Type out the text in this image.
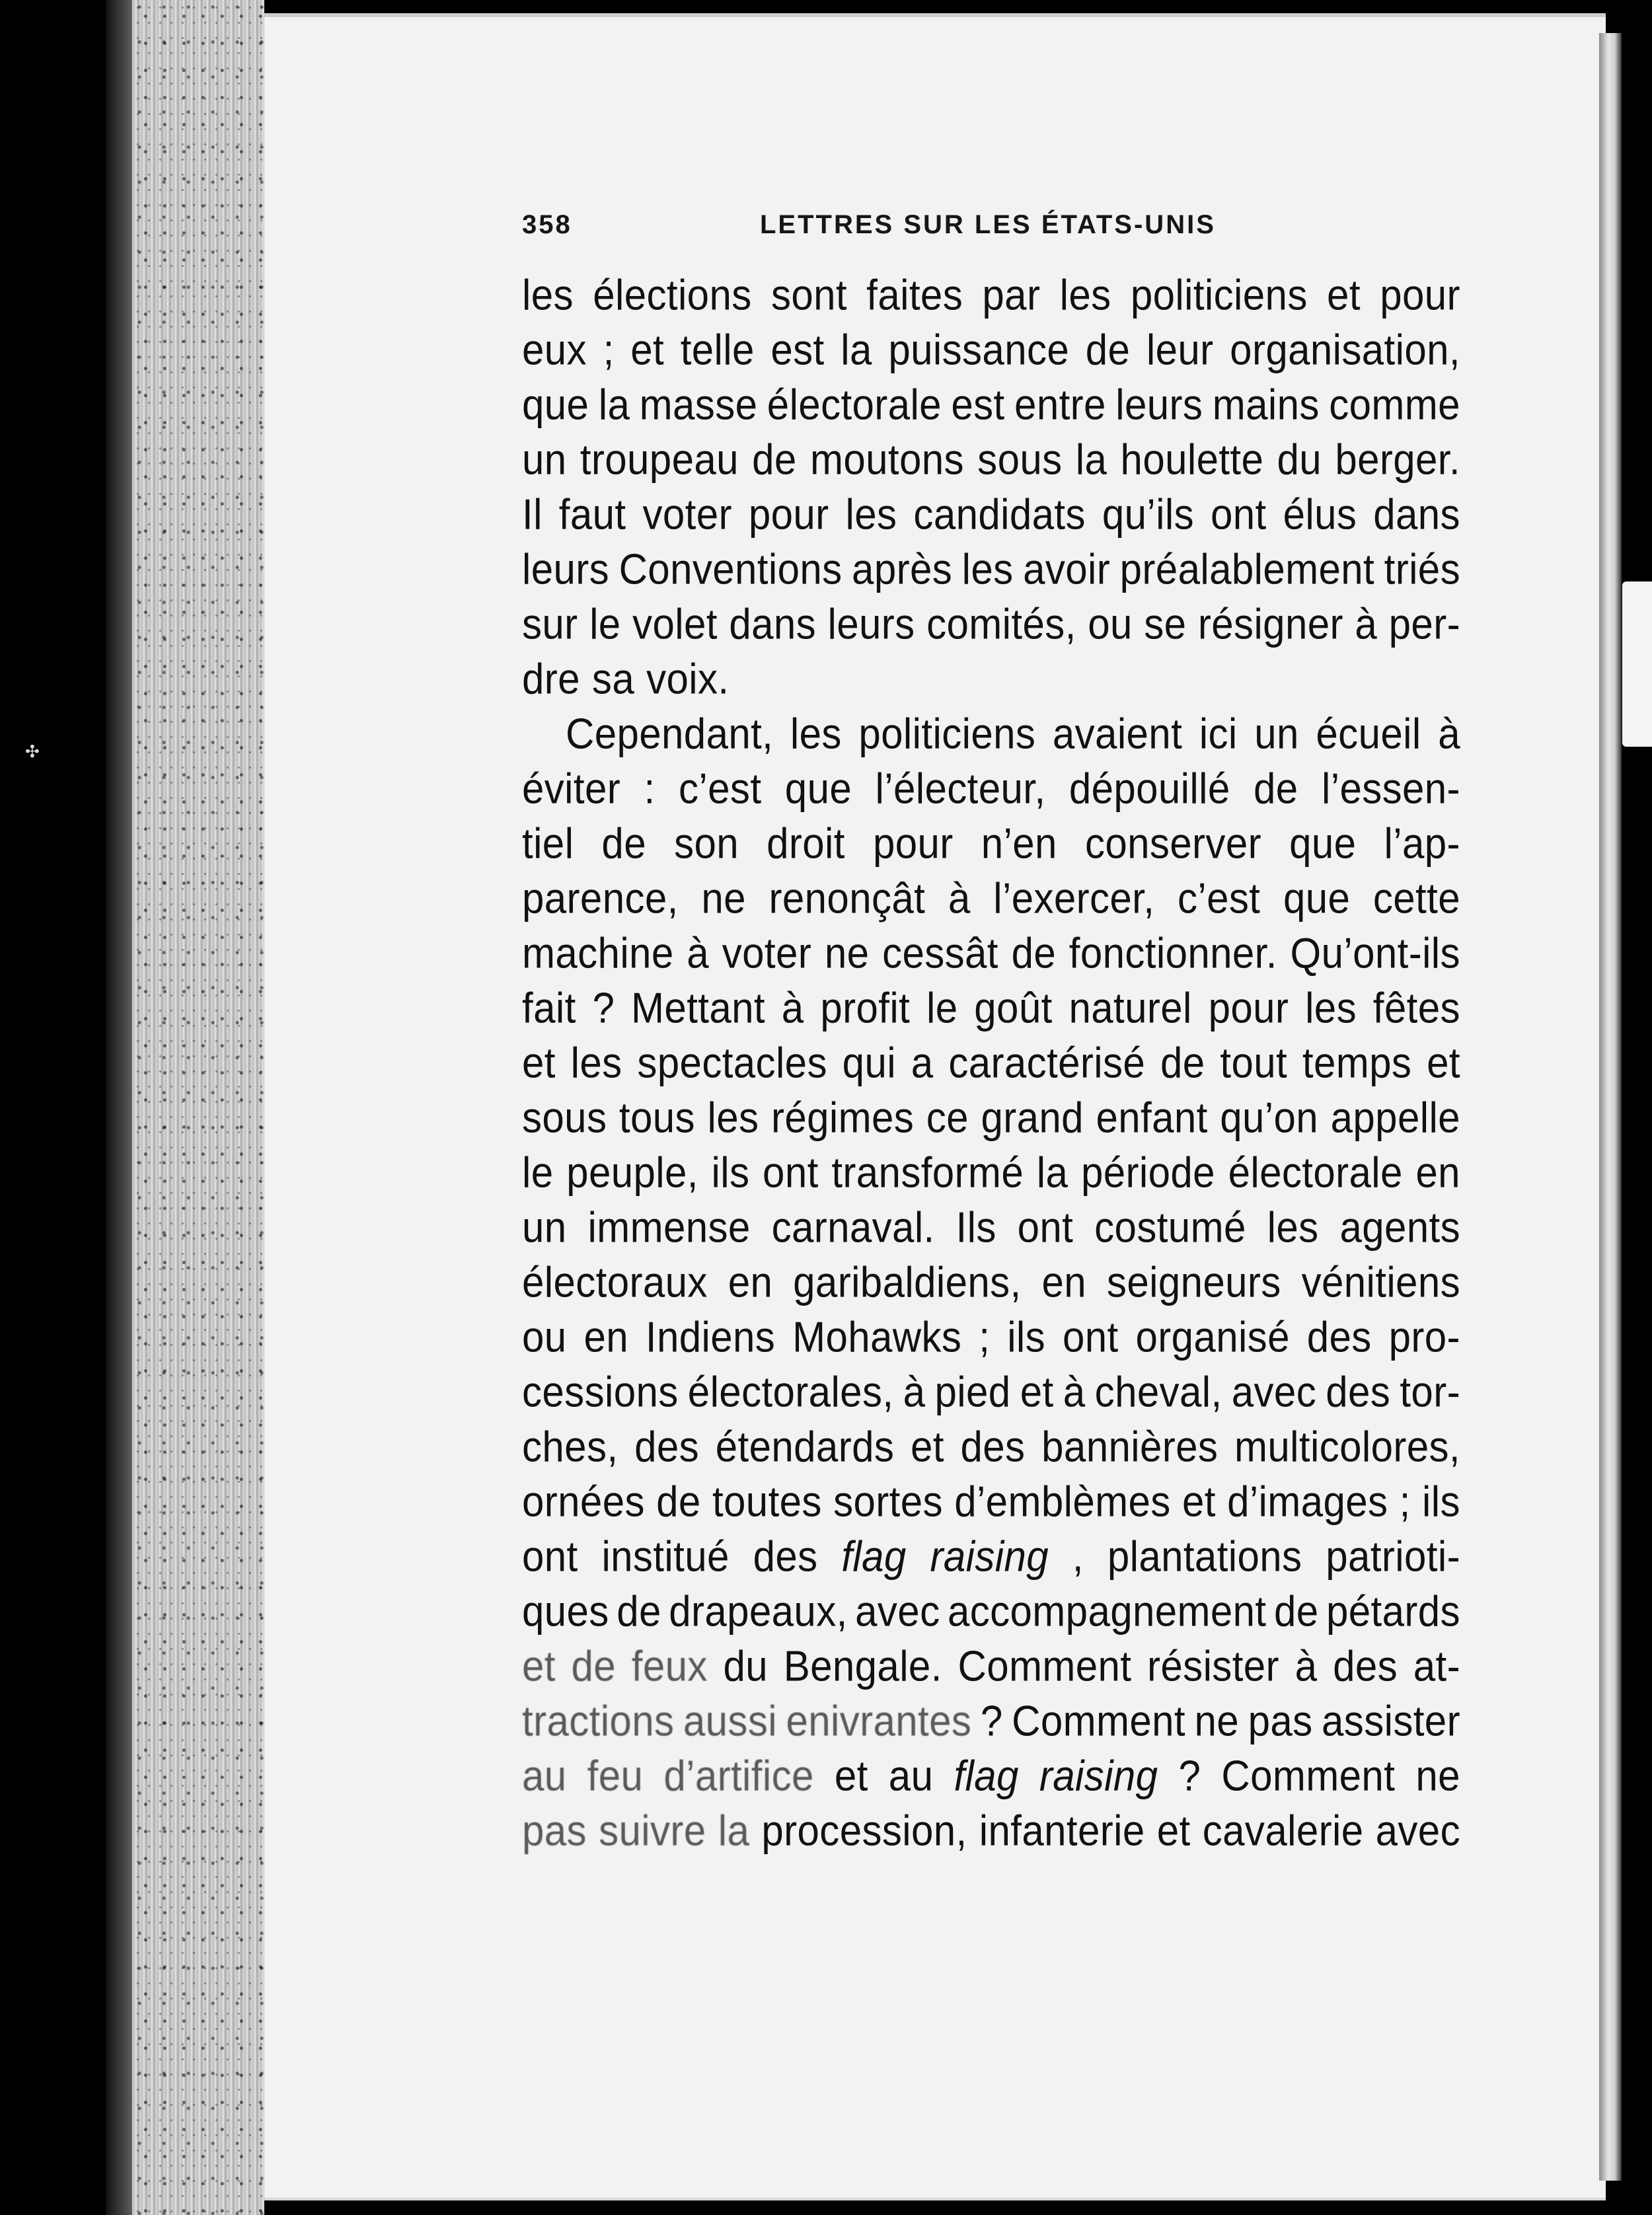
✣
358	LETTRES SUR LES ÉTATS-UNIS
les élections sont faites par les politiciens et pour
eux ; et telle est la puissance de leur organisation,
que la masse électorale est entre leurs mains comme
un troupeau de moutons sous la houlette du berger.
Il faut voter pour les candidats qu’ils ont élus dans
leurs Conventions après les avoir préalablement triés
sur le volet dans leurs comités, ou se résigner à per-
dre sa voix.
Cependant, les politiciens avaient ici un écueil à
éviter : c’est que l’électeur, dépouillé de l’essen-
tiel de son droit pour n’en conserver que l’ap-
parence, ne renonçât à l’exercer, c’est que cette
machine à voter ne cessât de fonctionner. Qu’ont-ils
fait ? Mettant à profit le goût naturel pour les fêtes
et les spectacles qui a caractérisé de tout temps et
sous tous les régimes ce grand enfant qu’on appelle
le peuple, ils ont transformé la période électorale en
un immense carnaval. Ils ont costumé les agents
électoraux en garibaldiens, en seigneurs vénitiens
ou en Indiens Mohawks ; ils ont organisé des pro-
cessions électorales, à pied et à cheval, avec des tor-
ches, des étendards et des bannières multicolores,
ornées de toutes sortes d’emblèmes et d’images ; ils
ont institué des flag raising , plantations patrioti-
ques de drapeaux, avec accompagnement de pétards
et de feux du Bengale. Comment résister à des at-
tractions aussi enivrantes ? Comment ne pas assister
au feu d’artifice et au flag raising ? Comment ne
pas suivre la procession, infanterie et cavalerie avec
